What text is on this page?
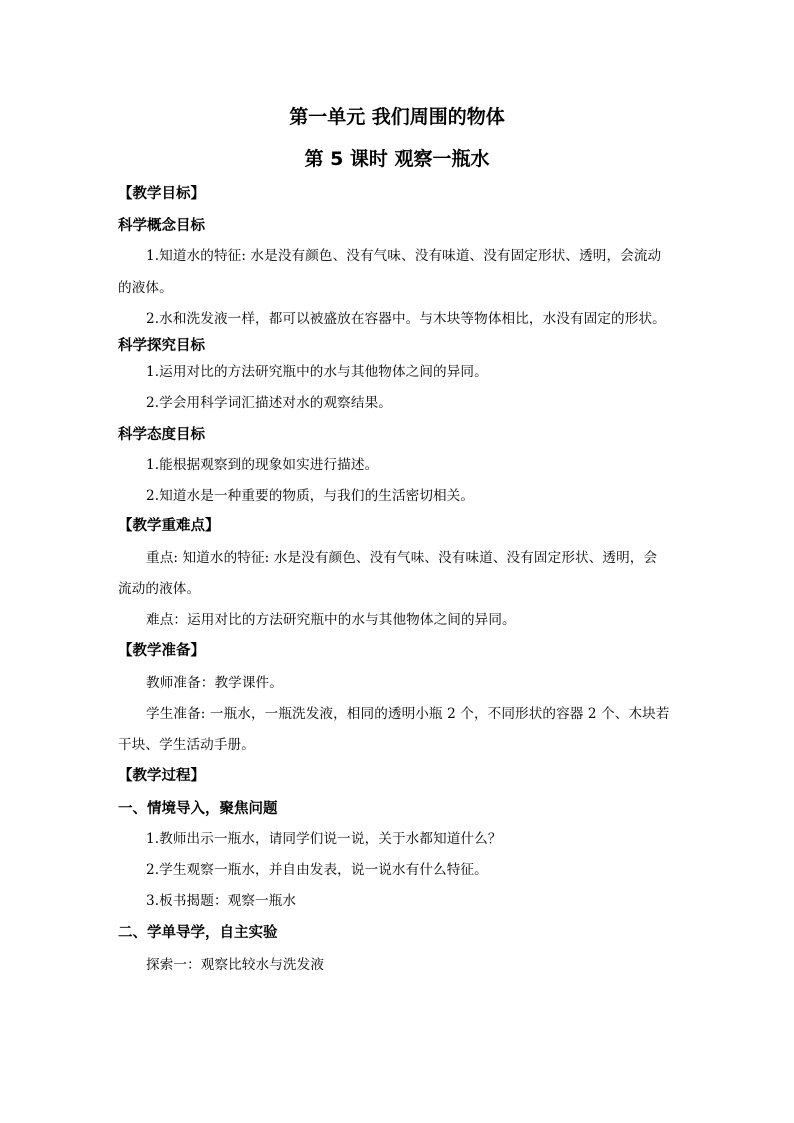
第一单元 我们周围的物体

第 5 课时 观察一瓶水

【教学目标】

科学概念目标

1.知道水的特征: 水是没有颜色、没有气味、没有味道、没有固定形状、透明，会流动

的液体。

2.水和洗发液一样，都可以被盛放在容器中。与木块等物体相比，水没有固定的形状。

科学探究目标

1.运用对比的方法研究瓶中的水与其他物体之间的异同。

2.学会用科学词汇描述对水的观察结果。

科学态度目标

1.能根据观察到的现象如实进行描述。

2.知道水是一种重要的物质，与我们的生活密切相关。

【教学重难点】

重点: 知道水的特征: 水是没有颜色、没有气味、没有味道、没有固定形状、透明，会

流动的液体。

难点：运用对比的方法研究瓶中的水与其他物体之间的异同。

【教学准备】

教师准备：教学课件。

学生准备: 一瓶水，一瓶洗发液，相同的透明小瓶 2 个，不同形状的容器 2 个、木块若

干块、学生活动手册。

【教学过程】

一、情境导入，聚焦问题

1.教师出示一瓶水，请同学们说一说，关于水都知道什么？

2.学生观察一瓶水，并自由发表，说一说水有什么特征。

3.板书揭题：观察一瓶水

二、学单导学，自主实验

探索一：观察比较水与洗发液
